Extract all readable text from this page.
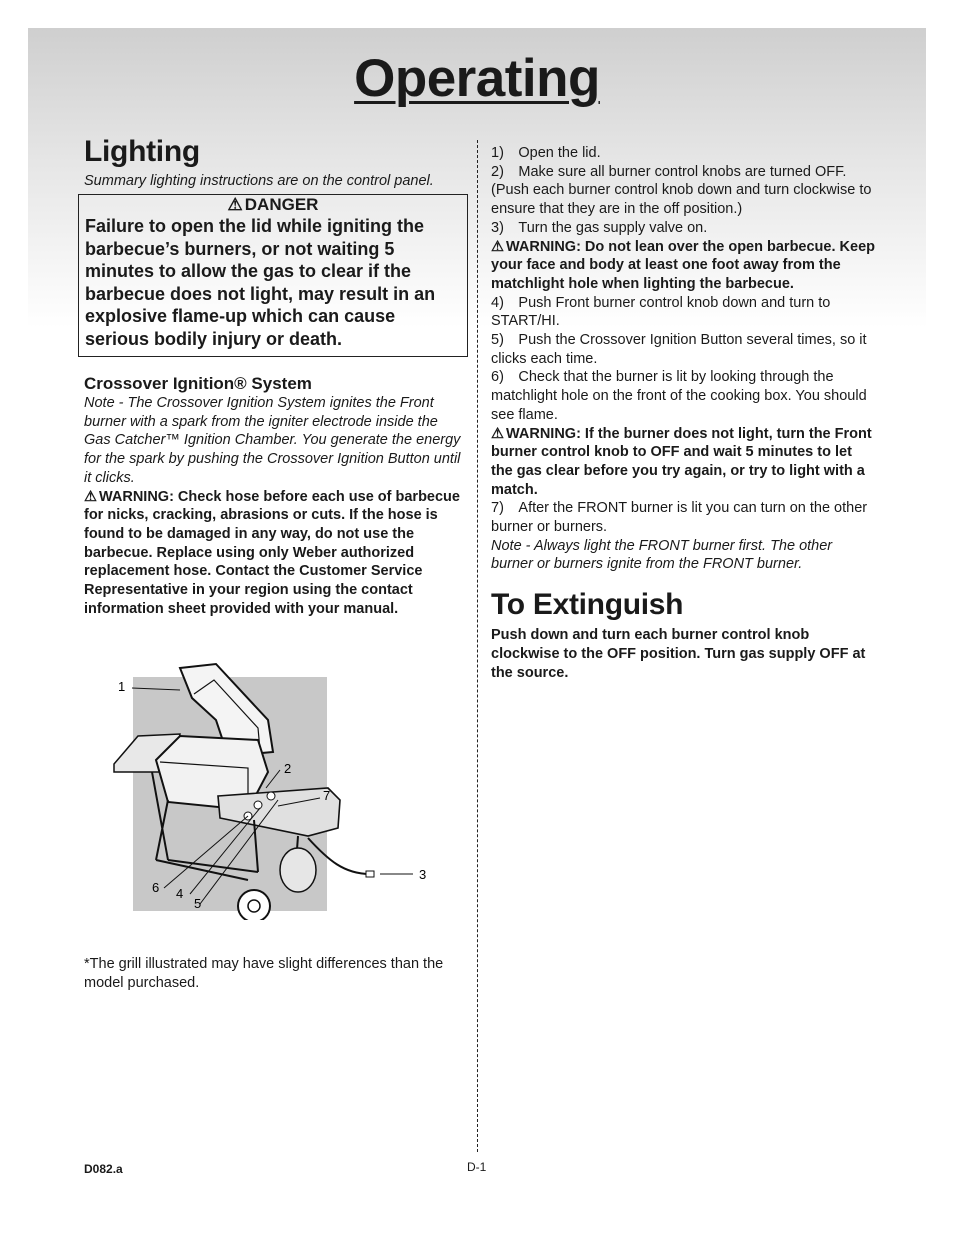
Operating
Lighting
Summary lighting instructions are on the control panel.
⚠ DANGER
Failure to open the lid while igniting the barbecue’s burners, or not waiting 5 minutes to allow the gas to clear if the barbecue does not light, may result in an explosive flame-up which can cause serious bodily injury or death.
Crossover Ignition® System
Note - The Crossover Ignition System ignites the Front burner with a spark from the igniter electrode inside the Gas Catcher™ Ignition Chamber. You generate the energy for the spark by pushing the Crossover Ignition Button until it clicks.
⚠ WARNING: Check hose before each use of barbecue for nicks, cracking, abrasions or cuts. If the hose is found to be damaged in any way, do not use the barbecue. Replace using only Weber authorized replacement hose. Contact the Customer Service Representative in your region using the contact information sheet provided with your manual.
1
2
3
4
5
6
7
*The grill illustrated may have slight differences than the model purchased.
1) Open the lid.
2) Make sure all burner control knobs are turned OFF. (Push each burner control knob down and turn clockwise to ensure that they are in the off position.)
3) Turn the gas supply valve on.
⚠ WARNING: Do not lean over the open barbecue. Keep your face and body at least one foot away from the matchlight hole when lighting the barbecue.
4) Push Front burner control knob down and turn to START/HI.
5) Push the Crossover Ignition Button several times, so it clicks each time.
6) Check that the burner is lit by looking through the matchlight hole on the front of the cooking box. You should see flame.
⚠ WARNING: If the burner does not light, turn the Front burner control knob to OFF and wait 5 minutes to let the gas clear before you try again, or try to light with a match.
7) After the FRONT burner is lit you can turn on the other burner or burners.
Note - Always light the FRONT burner first. The other burner or burners ignite from the FRONT burner.
To Extinguish
Push down and turn each burner control knob clockwise to the OFF position. Turn gas supply OFF at the source.
D082.a	D-1
